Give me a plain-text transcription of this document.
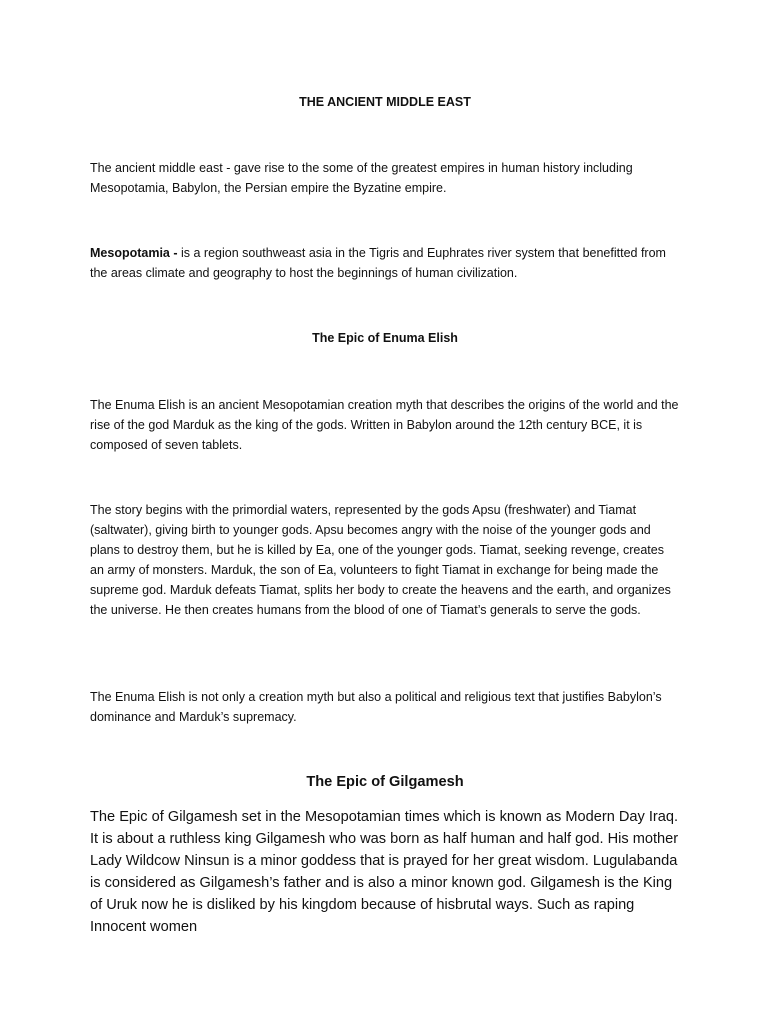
THE ANCIENT MIDDLE EAST

The ancient middle east - gave rise to the some of the greatest empires in human history including Mesopotamia, Babylon, the Persian empire the Byzatine empire.

Mesopotamia - is a region southweast asia in the Tigris and Euphrates river system that benefitted from the areas climate and geography to host the beginnings of human civilization.

The Epic of Enuma Elish

The Enuma Elish is an ancient Mesopotamian creation myth that describes the origins of the world and the rise of the god Marduk as the king of the gods. Written in Babylon around the 12th century BCE, it is composed of seven tablets.

The story begins with the primordial waters, represented by the gods Apsu (freshwater) and Tiamat (saltwater), giving birth to younger gods. Apsu becomes angry with the noise of the younger gods and plans to destroy them, but he is killed by Ea, one of the younger gods. Tiamat, seeking revenge, creates an army of monsters. Marduk, the son of Ea, volunteers to fight Tiamat in exchange for being made the supreme god. Marduk defeats Tiamat, splits her body to create the heavens and the earth, and organizes the universe. He then creates humans from the blood of one of Tiamat’s generals to serve the gods.

The Enuma Elish is not only a creation myth but also a political and religious text that justifies Babylon’s dominance and Marduk’s supremacy.

The Epic of Gilgamesh

The Epic of Gilgamesh set in the Mesopotamian times which is known as Modern Day Iraq. It is about a ruthless king Gilgamesh who was born as half human and half god. His mother Lady Wildcow Ninsun is a minor goddess that is prayed for her great wisdom. Lugulabanda is considered as Gilgamesh’s father and is also a minor known god. Gilgamesh is the King of Uruk now he is disliked by his kingdom because of hisbrutal ways. Such as raping Innocent women
